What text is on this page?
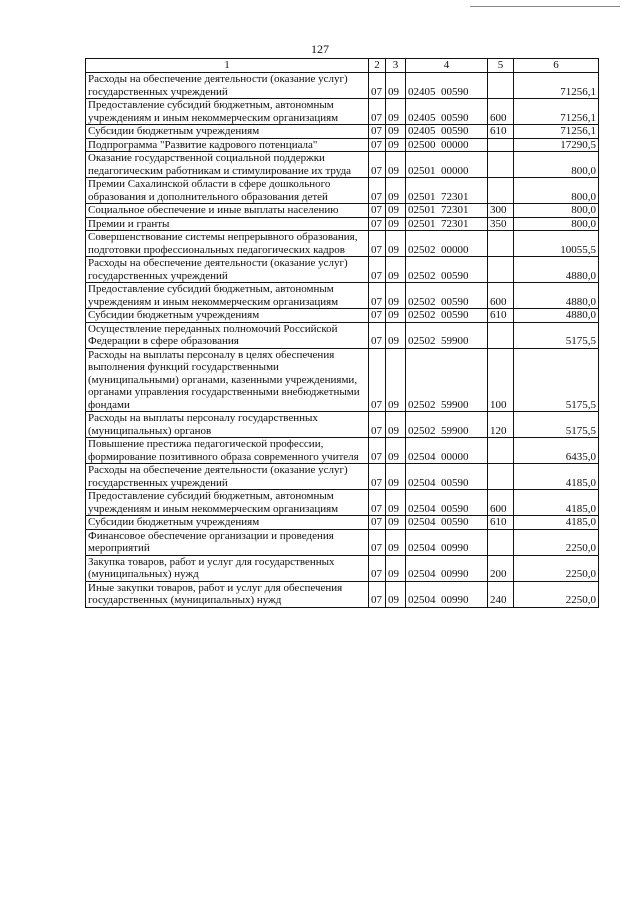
127
1	2	3	4	5	6
Расходы на обеспечение деятельности (оказание услуг) государственных учреждений	07	09	02405  00590		71256,1
Предоставление субсидий бюджетным, автономным учреждениям и иным некоммерческим организациям	07	09	02405  00590	600	71256,1
Субсидии бюджетным учреждениям	07	09	02405  00590	610	71256,1
Подпрограмма "Развитие кадрового потенциала"	07	09	02500  00000		17290,5
Оказание государственной социальной поддержки педагогическим работникам и стимулирование их труда	07	09	02501  00000		800,0
Премии Сахалинской области в сфере дошкольного образования и дополнительного образования детей	07	09	02501  72301		800,0
Социальное обеспечение и иные выплаты населению	07	09	02501  72301	300	800,0
Премии и гранты	07	09	02501  72301	350	800,0
Совершенствование системы непрерывного образования, подготовки профессиональных педагогических кадров	07	09	02502  00000		10055,5
Расходы на обеспечение деятельности (оказание услуг) государственных учреждений	07	09	02502  00590		4880,0
Предоставление субсидий бюджетным, автономным учреждениям и иным некоммерческим организациям	07	09	02502  00590	600	4880,0
Субсидии бюджетным учреждениям	07	09	02502  00590	610	4880,0
Осуществление переданных полномочий Российской Федерации в сфере образования	07	09	02502  59900		5175,5
Расходы на выплаты персоналу в целях обеспечения выполнения функций государственными (муниципальными) органами, казенными учреждениями, органами управления государственными внебюджетными фондами	07	09	02502  59900	100	5175,5
Расходы на выплаты персоналу государственных (муниципальных) органов	07	09	02502  59900	120	5175,5
Повышение престижа педагогической профессии, формирование позитивного образа современного учителя	07	09	02504  00000		6435,0
Расходы на обеспечение деятельности (оказание услуг) государственных учреждений	07	09	02504  00590		4185,0
Предоставление субсидий бюджетным, автономным учреждениям и иным некоммерческим организациям	07	09	02504  00590	600	4185,0
Субсидии бюджетным учреждениям	07	09	02504  00590	610	4185,0
Финансовое обеспечение организации и проведения мероприятий	07	09	02504  00990		2250,0
Закупка товаров, работ и услуг для государственных (муниципальных) нужд	07	09	02504  00990	200	2250,0
Иные закупки товаров, работ и услуг для обеспечения государственных (муниципальных) нужд	07	09	02504  00990	240	2250,0
